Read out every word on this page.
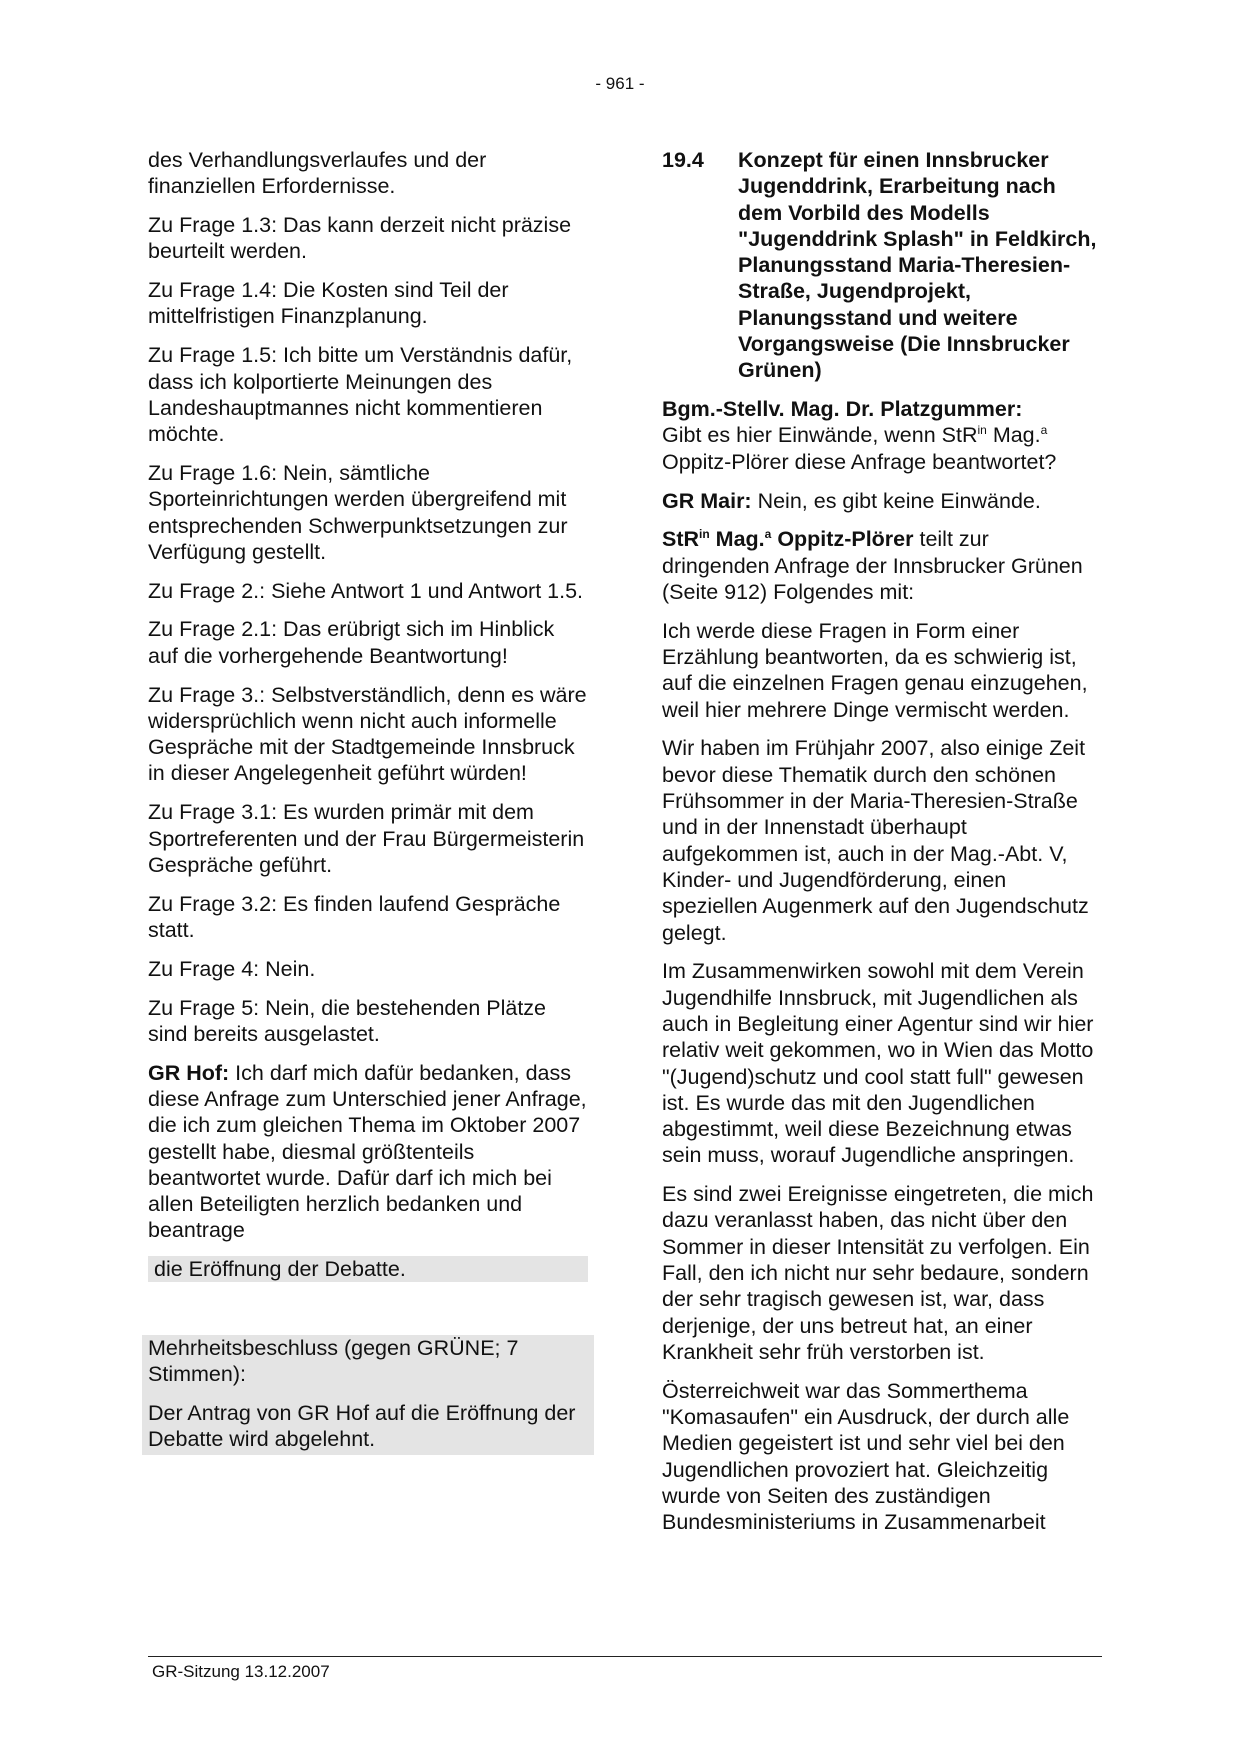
- 961 -

des Verhandlungsverlaufes und der finanziellen Erfordernisse.

Zu Frage 1.3: Das kann derzeit nicht präzise beurteilt werden.

Zu Frage 1.4: Die Kosten sind Teil der mittelfristigen Finanzplanung.

Zu Frage 1.5: Ich bitte um Verständnis dafür, dass ich kolportierte Meinungen des Landeshauptmannes nicht kommentieren möchte.

Zu Frage 1.6: Nein, sämtliche Sporteinrichtungen werden übergreifend mit entsprechenden Schwerpunktsetzungen zur Verfügung gestellt.

Zu Frage 2.: Siehe Antwort 1 und Antwort 1.5.

Zu Frage 2.1: Das erübrigt sich im Hinblick auf die vorhergehende Beantwortung!

Zu Frage 3.: Selbstverständlich, denn es wäre widersprüchlich wenn nicht auch informelle Gespräche mit der Stadtgemeinde Innsbruck in dieser Angelegenheit geführt würden!

Zu Frage 3.1: Es wurden primär mit dem Sportreferenten und der Frau Bürgermeisterin Gespräche geführt.

Zu Frage 3.2: Es finden laufend Gespräche statt.

Zu Frage 4: Nein.

Zu Frage 5: Nein, die bestehenden Plätze sind bereits ausgelastet.

GR Hof: Ich darf mich dafür bedanken, dass diese Anfrage zum Unterschied jener Anfrage, die ich zum gleichen Thema im Oktober 2007 gestellt habe, diesmal größtenteils beantwortet wurde. Dafür darf ich mich bei allen Beteiligten herzlich bedanken und beantrage

die Eröffnung der Debatte.

Mehrheitsbeschluss (gegen GRÜNE; 7 Stimmen):

Der Antrag von GR Hof auf die Eröffnung der Debatte wird abgelehnt.

19.4	Konzept für einen Innsbrucker Jugenddrink, Erarbeitung nach dem Vorbild des Modells "Jugenddrink Splash" in Feldkirch, Planungsstand Maria-Theresien-Straße, Jugendprojekt, Planungsstand und weitere Vorgangsweise (Die Innsbrucker Grünen)

Bgm.-Stellv. Mag. Dr. Platzgummer:
Gibt es hier Einwände, wenn StR$^{in}$ Mag.$^a$ Oppitz-Plörer diese Anfrage beantwortet?

GR Mair: Nein, es gibt keine Einwände.

StR$^{in}$ Mag.$^a$ Oppitz-Plörer teilt zur dringenden Anfrage der Innsbrucker Grünen (Seite 912) Folgendes mit:

Ich werde diese Fragen in Form einer Erzählung beantworten, da es schwierig ist, auf die einzelnen Fragen genau einzugehen, weil hier mehrere Dinge vermischt werden.

Wir haben im Frühjahr 2007, also einige Zeit bevor diese Thematik durch den schönen Frühsommer in der Maria-Theresien-Straße und in der Innenstadt überhaupt aufgekommen ist, auch in der Mag.-Abt. V, Kinder- und Jugendförderung, einen speziellen Augenmerk auf den Jugendschutz gelegt.

Im Zusammenwirken sowohl mit dem Verein Jugendhilfe Innsbruck, mit Jugendlichen als auch in Begleitung einer Agentur sind wir hier relativ weit gekommen, wo in Wien das Motto "(Jugend)schutz und cool statt full" gewesen ist. Es wurde das mit den Jugendlichen abgestimmt, weil diese Bezeichnung etwas sein muss, worauf Jugendliche anspringen.

Es sind zwei Ereignisse eingetreten, die mich dazu veranlasst haben, das nicht über den Sommer in dieser Intensität zu verfolgen. Ein Fall, den ich nicht nur sehr bedaure, sondern der sehr tragisch gewesen ist, war, dass derjenige, der uns betreut hat, an einer Krankheit sehr früh verstorben ist.

Österreichweit war das Sommerthema "Komasaufen" ein Ausdruck, der durch alle Medien gegeistert ist und sehr viel bei den Jugendlichen provoziert hat. Gleichzeitig wurde von Seiten des zuständigen Bundesministeriums in Zusammenarbeit

GR-Sitzung 13.12.2007
